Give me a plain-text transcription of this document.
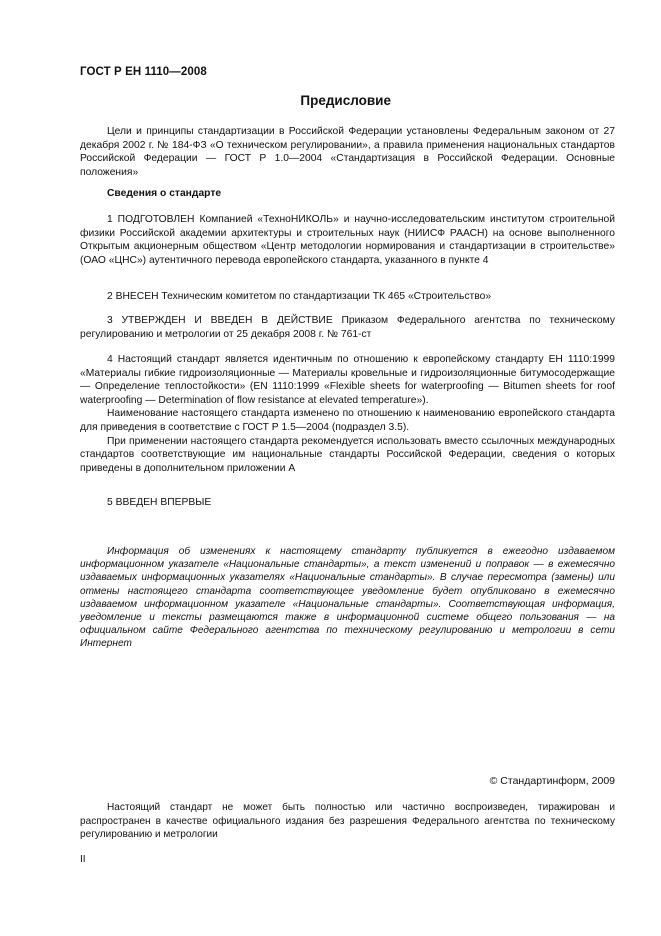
ГОСТ Р ЕН 1110—2008
Предисловие

Цели и принципы стандартизации в Российской Федерации установлены Федеральным законом от 27 декабря 2002 г. № 184-ФЗ «О техническом регулировании», а правила применения национальных стандартов Российской Федерации — ГОСТ Р 1.0—2004 «Стандартизация в Российской Федерации. Основные положения»

Сведения о стандарте

1 ПОДГОТОВЛЕН Компанией «ТехноНИКОЛЬ» и научно-исследовательским институтом строительной физики Российской академии архитектуры и строительных наук (НИИСФ РААСН) на основе выполненного Открытым акционерным обществом «Центр методологии нормирования и стандартизации в строительстве» (ОАО «ЦНС») аутентичного перевода европейского стандарта, указанного в пункте 4

2 ВНЕСЕН Техническим комитетом по стандартизации ТК 465 «Строительство»

3 УТВЕРЖДЕН И ВВЕДЕН В ДЕЙСТВИЕ Приказом Федерального агентства по техническому регулированию и метрологии от 25 декабря 2008 г. № 761-ст

4 Настоящий стандарт является идентичным по отношению к европейскому стандарту ЕН 1110:1999 «Материалы гибкие гидроизоляционные — Материалы кровельные и гидроизоляционные битумосодержащие — Определение теплостойкости» (EN 1110:1999 «Flexible sheets for waterproofing — Bitumen sheets for roof waterproofing — Determination of flow resistance at elevated temperature»).

Наименование настоящего стандарта изменено по отношению к наименованию европейского стандарта для приведения в соответствие с ГОСТ Р 1.5—2004 (подраздел 3.5).

При применении настоящего стандарта рекомендуется использовать вместо ссылочных международных стандартов соответствующие им национальные стандарты Российской Федерации, сведения о которых приведены в дополнительном приложении А

5 ВВЕДЕН ВПЕРВЫЕ

Информация об изменениях к настоящему стандарту публикуется в ежегодно издаваемом информационном указателе «Национальные стандарты», а текст изменений и поправок — в ежемесячно издаваемых информационных указателях «Национальные стандарты». В случае пересмотра (замены) или отмены настоящего стандарта соответствующее уведомление будет опубликовано в ежемесячно издаваемом информационном указателе «Национальные стандарты». Соответствующая информация, уведомление и тексты размещаются также в информационной системе общего пользования — на официальном сайте Федерального агентства по техническому регулированию и метрологии в сети Интернет
© Стандартинформ, 2009
Настоящий стандарт не может быть полностью или частично воспроизведен, тиражирован и распространен в качестве официального издания без разрешения Федерального агентства по техническому регулированию и метрологии
II
